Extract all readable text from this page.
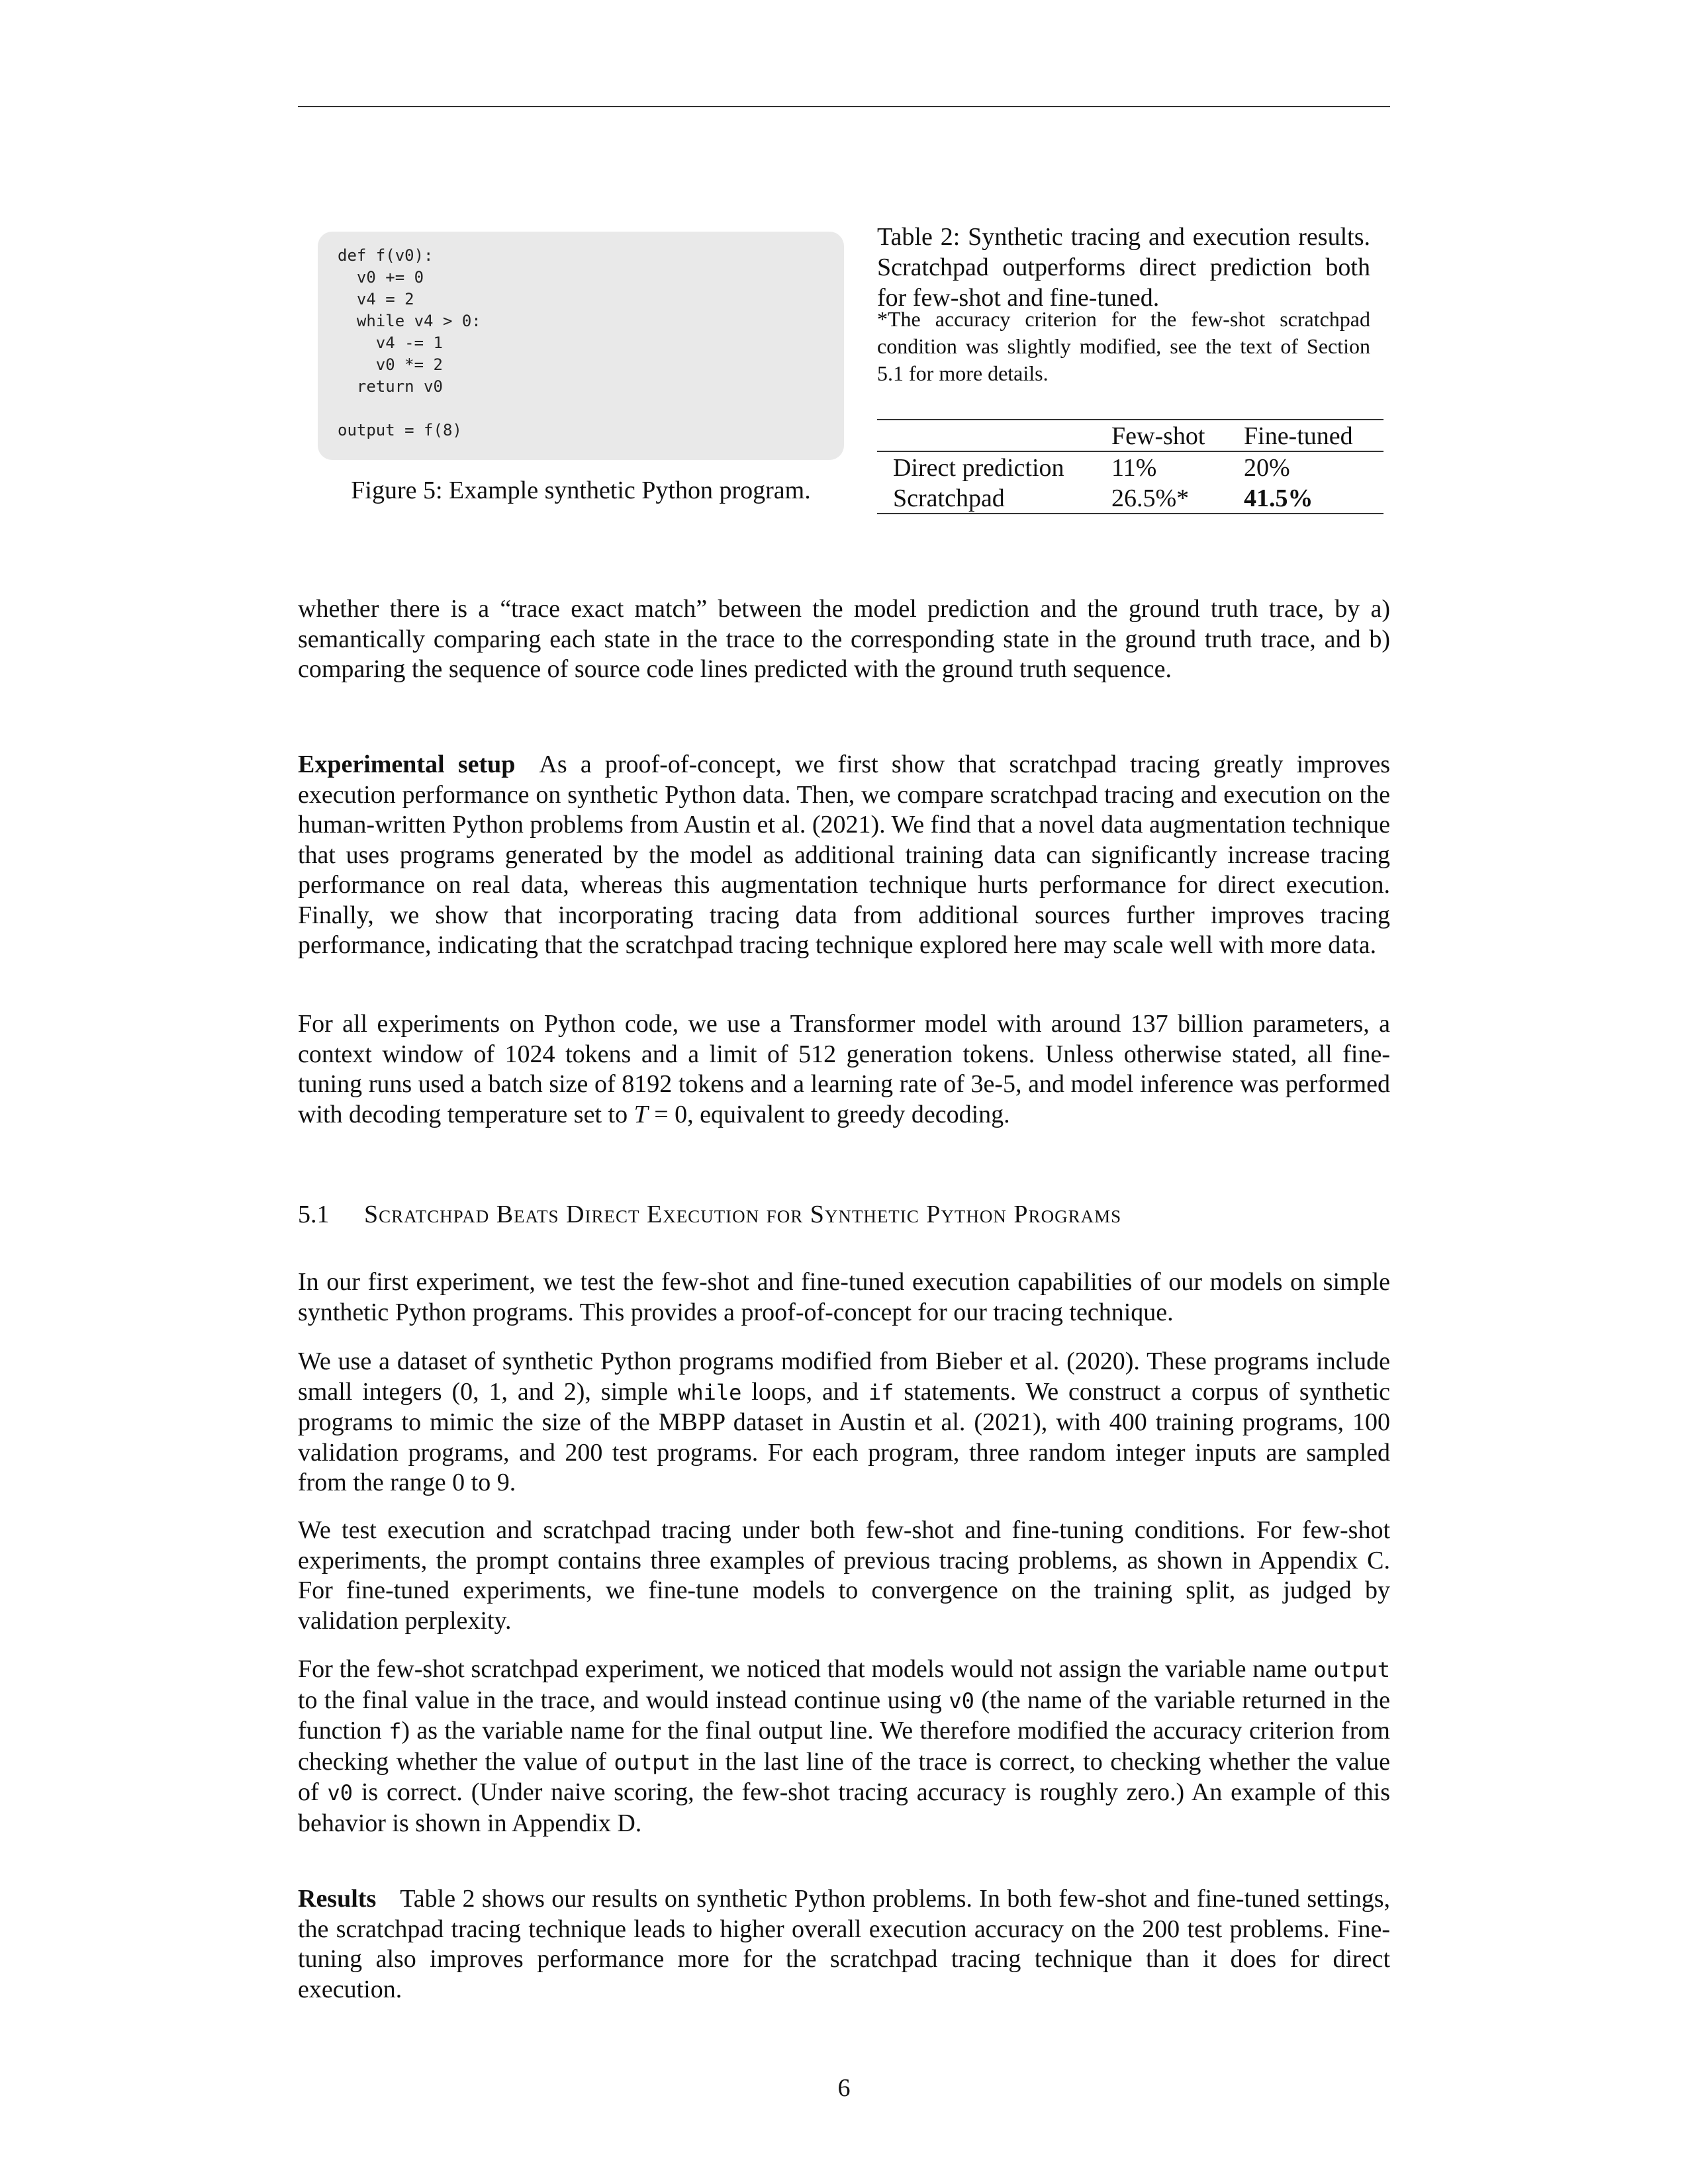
def f(v0):
v0 += 0
v4 = 2
while v4 > 0:
v4 -= 1
v0 *= 2
return v0
output = f(8)
Figure 5: Example synthetic Python program.
Table 2: Synthetic tracing and execution results. Scratchpad outperforms direct prediction both for few-shot and fine-tuned.
*The accuracy criterion for the few-shot scratchpad condition was slightly modified, see the text of Section 5.1 for more details.
	Few-shot	Fine-tuned
Direct prediction	11%	20%
Scratchpad	26.5%*	41.5%

whether there is a “trace exact match” between the model prediction and the ground truth trace, by a) semantically comparing each state in the trace to the corresponding state in the ground truth trace, and b) comparing the sequence of source code lines predicted with the ground truth sequence.

Experimental setup As a proof-of-concept, we first show that scratchpad tracing greatly improves execution performance on synthetic Python data. Then, we compare scratchpad tracing and execution on the human-written Python problems from Austin et al. (2021). We find that a novel data augmentation technique that uses programs generated by the model as additional training data can significantly increase tracing performance on real data, whereas this augmentation technique hurts performance for direct execution. Finally, we show that incorporating tracing data from additional sources further improves tracing performance, indicating that the scratchpad tracing technique explored here may scale well with more data.

For all experiments on Python code, we use a Transformer model with around 137 billion parameters, a context window of 1024 tokens and a limit of 512 generation tokens. Unless otherwise stated, all fine-tuning runs used a batch size of 8192 tokens and a learning rate of 3e-5, and model inference was performed with decoding temperature set to T = 0, equivalent to greedy decoding.

5.1 Scratchpad Beats Direct Execution for Synthetic Python Programs

In our first experiment, we test the few-shot and fine-tuned execution capabilities of our models on simple synthetic Python programs. This provides a proof-of-concept for our tracing technique.

We use a dataset of synthetic Python programs modified from Bieber et al. (2020). These programs include small integers (0, 1, and 2), simple while loops, and if statements. We construct a corpus of synthetic programs to mimic the size of the MBPP dataset in Austin et al. (2021), with 400 training programs, 100 validation programs, and 200 test programs. For each program, three random integer inputs are sampled from the range 0 to 9.

We test execution and scratchpad tracing under both few-shot and fine-tuning conditions. For few-shot experiments, the prompt contains three examples of previous tracing problems, as shown in Appendix C. For fine-tuned experiments, we fine-tune models to convergence on the training split, as judged by validation perplexity.

For the few-shot scratchpad experiment, we noticed that models would not assign the variable name output to the final value in the trace, and would instead continue using v0 (the name of the variable returned in the function f) as the variable name for the final output line. We therefore modified the accuracy criterion from checking whether the value of output in the last line of the trace is correct, to checking whether the value of v0 is correct. (Under naive scoring, the few-shot tracing accuracy is roughly zero.) An example of this behavior is shown in Appendix D.

Results Table 2 shows our results on synthetic Python problems. In both few-shot and fine-tuned settings, the scratchpad tracing technique leads to higher overall execution accuracy on the 200 test problems. Fine-tuning also improves performance more for the scratchpad tracing technique than it does for direct execution.

6
